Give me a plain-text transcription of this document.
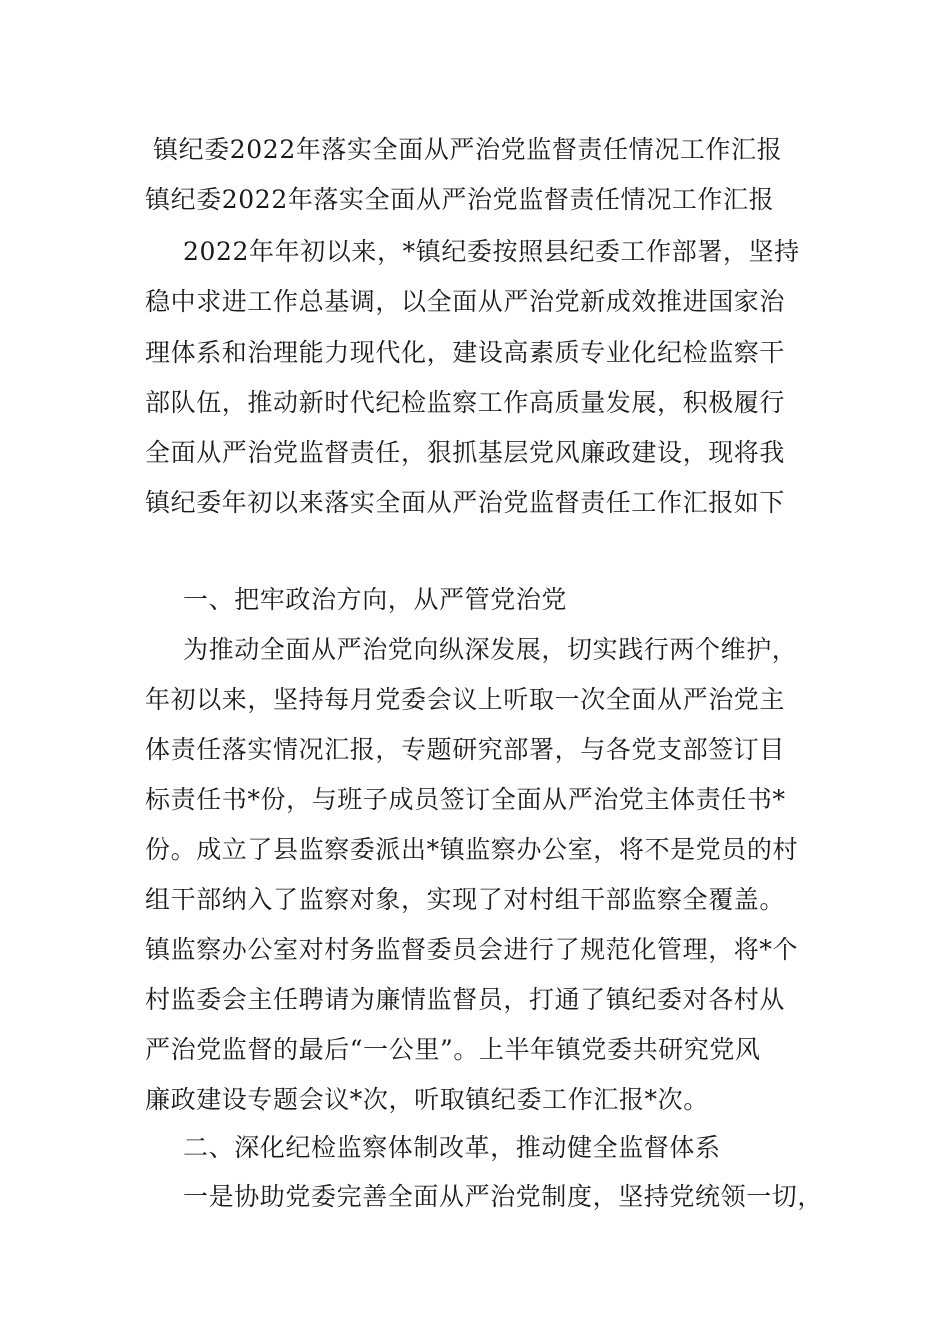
镇纪委2022年落实全面从严治党监督责任情况工作汇报
镇纪委2022年落实全面从严治党监督责任情况工作汇报
2022年年初以来，*镇纪委按照县纪委工作部署，坚持
稳中求进工作总基调，以全面从严治党新成效推进国家治
理体系和治理能力现代化，建设高素质专业化纪检监察干
部队伍，推动新时代纪检监察工作高质量发展，积极履行
全面从严治党监督责任，狠抓基层党风廉政建设，现将我
镇纪委年初以来落实全面从严治党监督责任工作汇报如下
一、把牢政治方向，从严管党治党
为推动全面从严治党向纵深发展，切实践行两个维护，
年初以来，坚持每月党委会议上听取一次全面从严治党主
体责任落实情况汇报，专题研究部署，与各党支部签订目
标责任书*份，与班子成员签订全面从严治党主体责任书*
份。成立了县监察委派出*镇监察办公室，将不是党员的村
组干部纳入了监察对象，实现了对村组干部监察全覆盖。
镇监察办公室对村务监督委员会进行了规范化管理，将*个
村监委会主任聘请为廉情监督员，打通了镇纪委对各村从
严治党监督的最后“一公里”。上半年镇党委共研究党风
廉政建设专题会议*次，听取镇纪委工作汇报*次。
二、深化纪检监察体制改革，推动健全监督体系
一是协助党委完善全面从严治党制度，坚持党统领一切，
